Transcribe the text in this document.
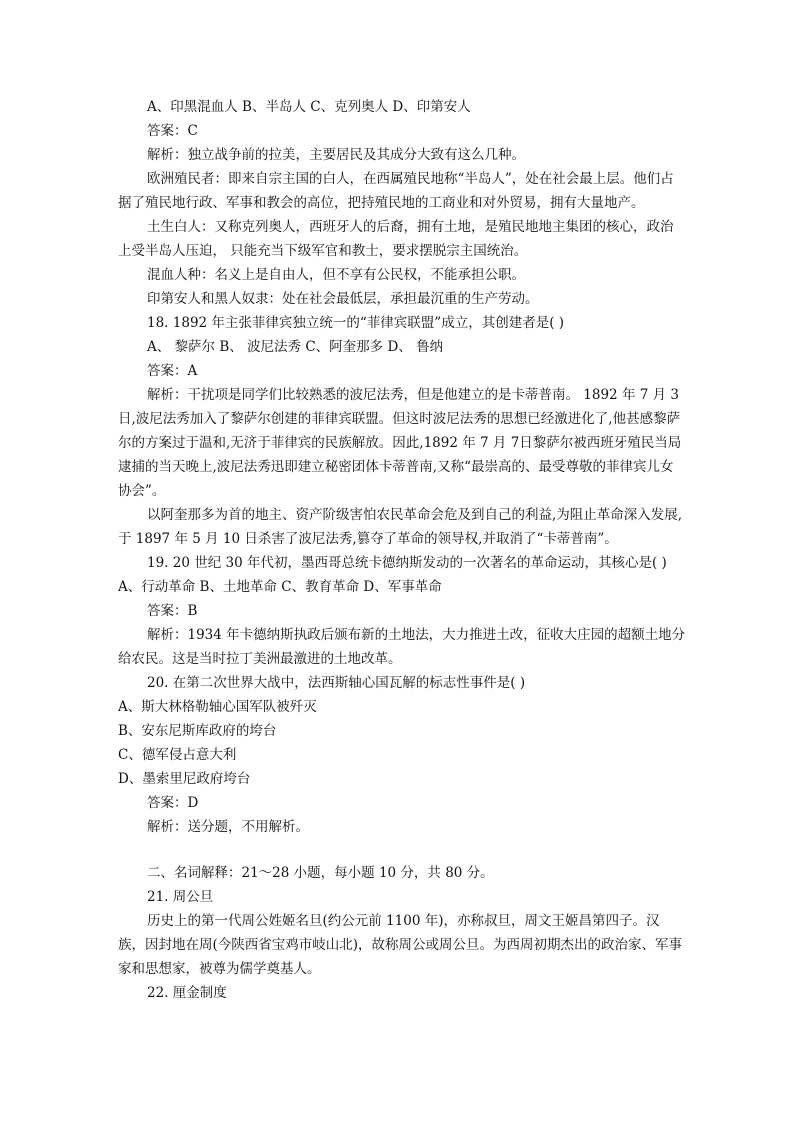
A、印黑混血人 B、半岛人 C、克列奥人 D、印第安人

答案：C

解析：独立战争前的拉美，主要居民及其成分大致有这么几种。

欧洲殖民者：即来自宗主国的白人，在西属殖民地称“半岛人”，处在社会最上层。他们占据了殖民地行政、军事和教会的高位，把持殖民地的工商业和对外贸易，拥有大量地产。

土生白人：又称克列奥人，西班牙人的后裔，拥有土地，是殖民地地主集团的核心，政治上受半岛人压迫， 只能充当下级军官和教士，要求摆脱宗主国统治。

混血人种：名义上是自由人，但不享有公民权，不能承担公职。

印第安人和黑人奴隶：处在社会最低层，承担最沉重的生产劳动。

18. 1892 年主张菲律宾独立统一的“菲律宾联盟”成立，其创建者是( )

A、 黎萨尔 B、 波尼法秀 C、阿奎那多 D、 鲁纳

答案：A

解析：干扰项是同学们比较熟悉的波尼法秀，但是他建立的是卡蒂普南。 1892 年 7 月 3日,波尼法秀加入了黎萨尔创建的菲律宾联盟。但这时波尼法秀的思想已经激进化了,他甚感黎萨尔的方案过于温和,无济于菲律宾的民族解放。因此,1892 年 7 月 7日黎萨尔被西班牙殖民当局逮捕的当天晚上,波尼法秀迅即建立秘密团体卡蒂普南,又称“最崇高的、最受尊敬的菲律宾儿女协会”。

以阿奎那多为首的地主、资产阶级害怕农民革命会危及到自己的利益,为阻止革命深入发展,于 1897 年 5 月 10 日杀害了波尼法秀,篡夺了革命的领导权,并取消了“卡蒂普南”。

19. 20 世纪 30 年代初，墨西哥总统卡德纳斯发动的一次著名的革命运动，其核心是( )

A、行动革命 B、土地革命 C、教育革命 D、军事革命

答案：B

解析：1934 年卡德纳斯执政后颁布新的土地法，大力推进土改，征收大庄园的超额土地分给农民。这是当时拉丁美洲最激进的土地改革。

20. 在第二次世界大战中，法西斯轴心国瓦解的标志性事件是( )

A、斯大林格勒轴心国军队被歼灭

B、安东尼斯库政府的垮台

C、德军侵占意大利

D、墨索里尼政府垮台

答案：D

解析：送分题，不用解析。

二、名词解释：21～28 小题，每小题 10 分，共 80 分。

21. 周公旦

历史上的第一代周公姓姬名旦(约公元前 1100 年)，亦称叔旦，周文王姬昌第四子。汉族，因封地在周(今陕西省宝鸡市岐山北)，故称周公或周公旦。为西周初期杰出的政治家、军事家和思想家，被尊为儒学奠基人。

22. 厘金制度
